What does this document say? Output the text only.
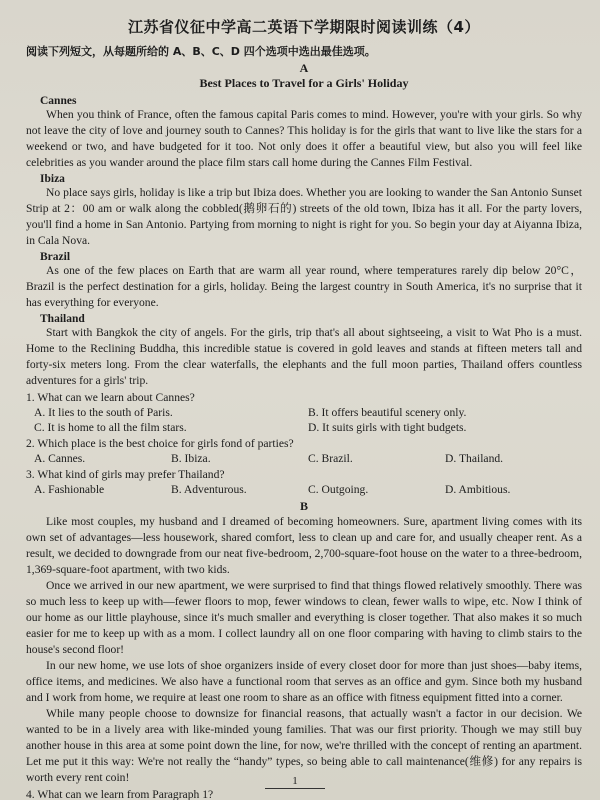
江苏省仪征中学高二英语下学期限时阅读训练（4）
阅读下列短文，从每题所给的 A、B、C、D 四个选项中选出最佳选项。
A
Best Places to Travel for a Girls' Holiday
Cannes

When you think of France, often the famous capital Paris comes to mind. However, you're with your girls. So why not leave the city of love and journey south to Cannes? This holiday is for the girls that want to live like the stars for a weekend or two, and have budgeted for it too. Not only does it offer a beautiful view, but also you will feel like celebrities as you wander around the place film stars call home during the Cannes Film Festival.

Ibiza

No place says girls, holiday is like a trip but Ibiza does. Whether you are looking to wander the San Antonio Sunset Strip at 2：00 am or walk along the cobbled(鹅卵石的) streets of the old town, Ibiza has it all. For the party lovers, you'll find a home in San Antonio. Partying from morning to night is right for you. So begin your day at Aiyanna Ibiza, in Cala Nova.

Brazil

As one of the few places on Earth that are warm all year round, where temperatures rarely dip below 20°C， Brazil is the perfect destination for a girls, holiday. Being the largest country in South America, it's no surprise that it has everything for everyone.

Thailand

Start with Bangkok the city of angels. For the girls, trip that's all about sightseeing, a visit to Wat Pho is a must. Home to the Reclining Buddha, this incredible statue is covered in gold leaves and stands at fifteen meters tall and forty-six meters long. From the clear waterfalls, the elephants and the full moon parties, Thailand offers countless adventures for a girls' trip.

1. What can we learn about Cannes?
A. It lies to the south of Paris.	B. It offers beautiful scenery only.
C. It is home to all the film stars.	D. It suits girls with tight budgets.
2. Which place is the best choice for girls fond of parties?
A. Cannes.	B. Ibiza.	C. Brazil.	D. Thailand.
3. What kind of girls may prefer Thailand?
A. Fashionable	B. Adventurous.	C. Outgoing.	D. Ambitious.
B

Like most couples, my husband and I dreamed of becoming homeowners. Sure, apartment living comes with its own set of advantages—less housework, shared comfort, less to clean up and care for, and usually cheaper rent. As a result, we decided to downgrade from our neat five-bedroom, 2,700-square-foot house on the water to a three-bedroom, 1,369-square-foot apartment, with two kids.

Once we arrived in our new apartment, we were surprised to find that things flowed relatively smoothly. There was so much less to keep up with—fewer floors to mop, fewer windows to clean, fewer walls to wipe, etc. Now I think of our home as our little playhouse, since it's much smaller and everything is closer together. That also makes it so much easier for me to keep up with as a mom. I collect laundry all on one floor comparing with having to climb stairs to the house's second floor!

In our new home, we use lots of shoe organizers inside of every closet door for more than just shoes—baby items, office items, and medicines. We also have a functional room that serves as an office and gym. Since both my husband and I work from home, we require at least one room to share as an office with fitness equipment fitted into a corner.

While many people choose to downsize for financial reasons, that actually wasn't a factor in our decision. We wanted to be in a lively area with like-minded young families. That was our first priority. Though we may still buy another house in this area at some point down the line, for now, we're thrilled with the concept of renting an apartment. Let me put it this way: We're not really the “handy” types, so being able to call maintenance(维修) for any repairs is worth every rent coin!

4. What can we learn from Paragraph 1?
1
